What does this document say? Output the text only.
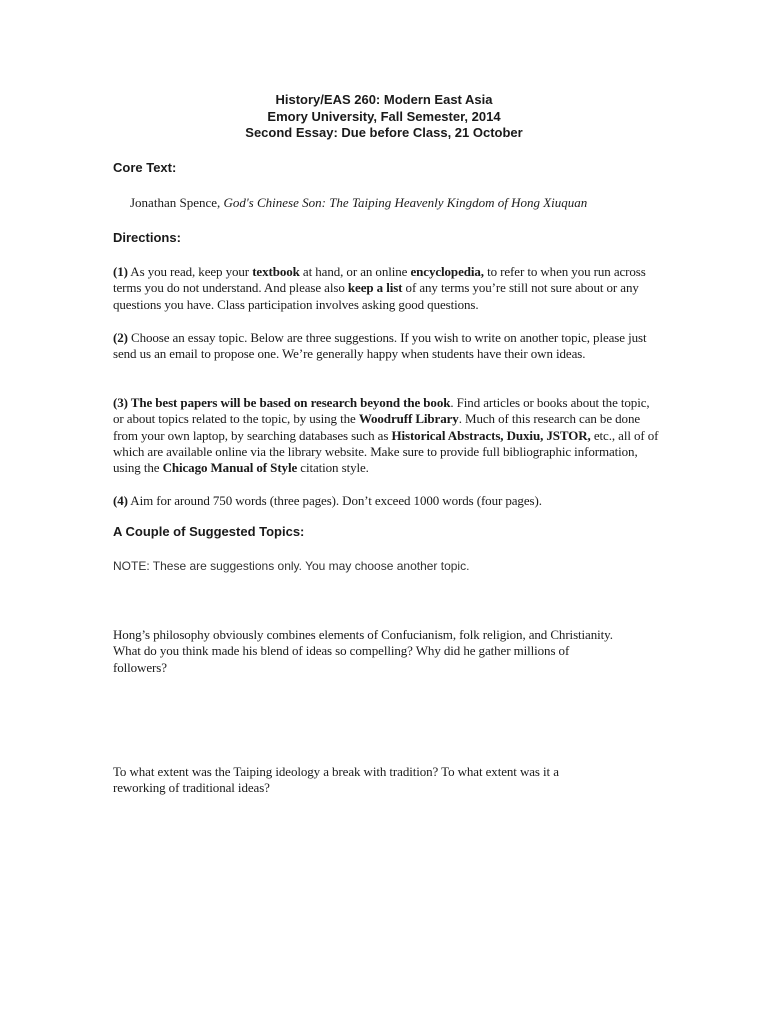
History/EAS 260: Modern East Asia
Emory University, Fall Semester, 2014
Second Essay: Due before Class, 21 October
Core Text:
Jonathan Spence, God's Chinese Son: The Taiping Heavenly Kingdom of Hong Xiuquan
Directions:

(1) As you read, keep your textbook at hand, or an online encyclopedia, to refer to when you run across terms you do not understand. And please also keep a list of any terms you’re still not sure about or any questions you have. Class participation involves asking good questions.

(2) Choose an essay topic. Below are three suggestions. If you wish to write on another topic, please just send us an email to propose one. We’re generally happy when students have their own ideas.

(3) The best papers will be based on research beyond the book. Find articles or books about the topic, or about topics related to the topic, by using the Woodruff Library. Much of this research can be done from your own laptop, by searching databases such as Historical Abstracts, Duxiu, JSTOR, etc., all of of which are available online via the library website. Make sure to provide full bibliographic information, using the Chicago Manual of Style citation style.

(4) Aim for around 750 words (three pages). Don’t exceed 1000 words (four pages).

A Couple of Suggested Topics:
NOTE: These are suggestions only. You may choose another topic.

Hong’s philosophy obviously combines elements of Confucianism, folk religion, and Christianity. What do you think made his blend of ideas so compelling? Why did he gather millions of followers?

To what extent was the Taiping ideology a break with tradition? To what extent was it a reworking of traditional ideas?
